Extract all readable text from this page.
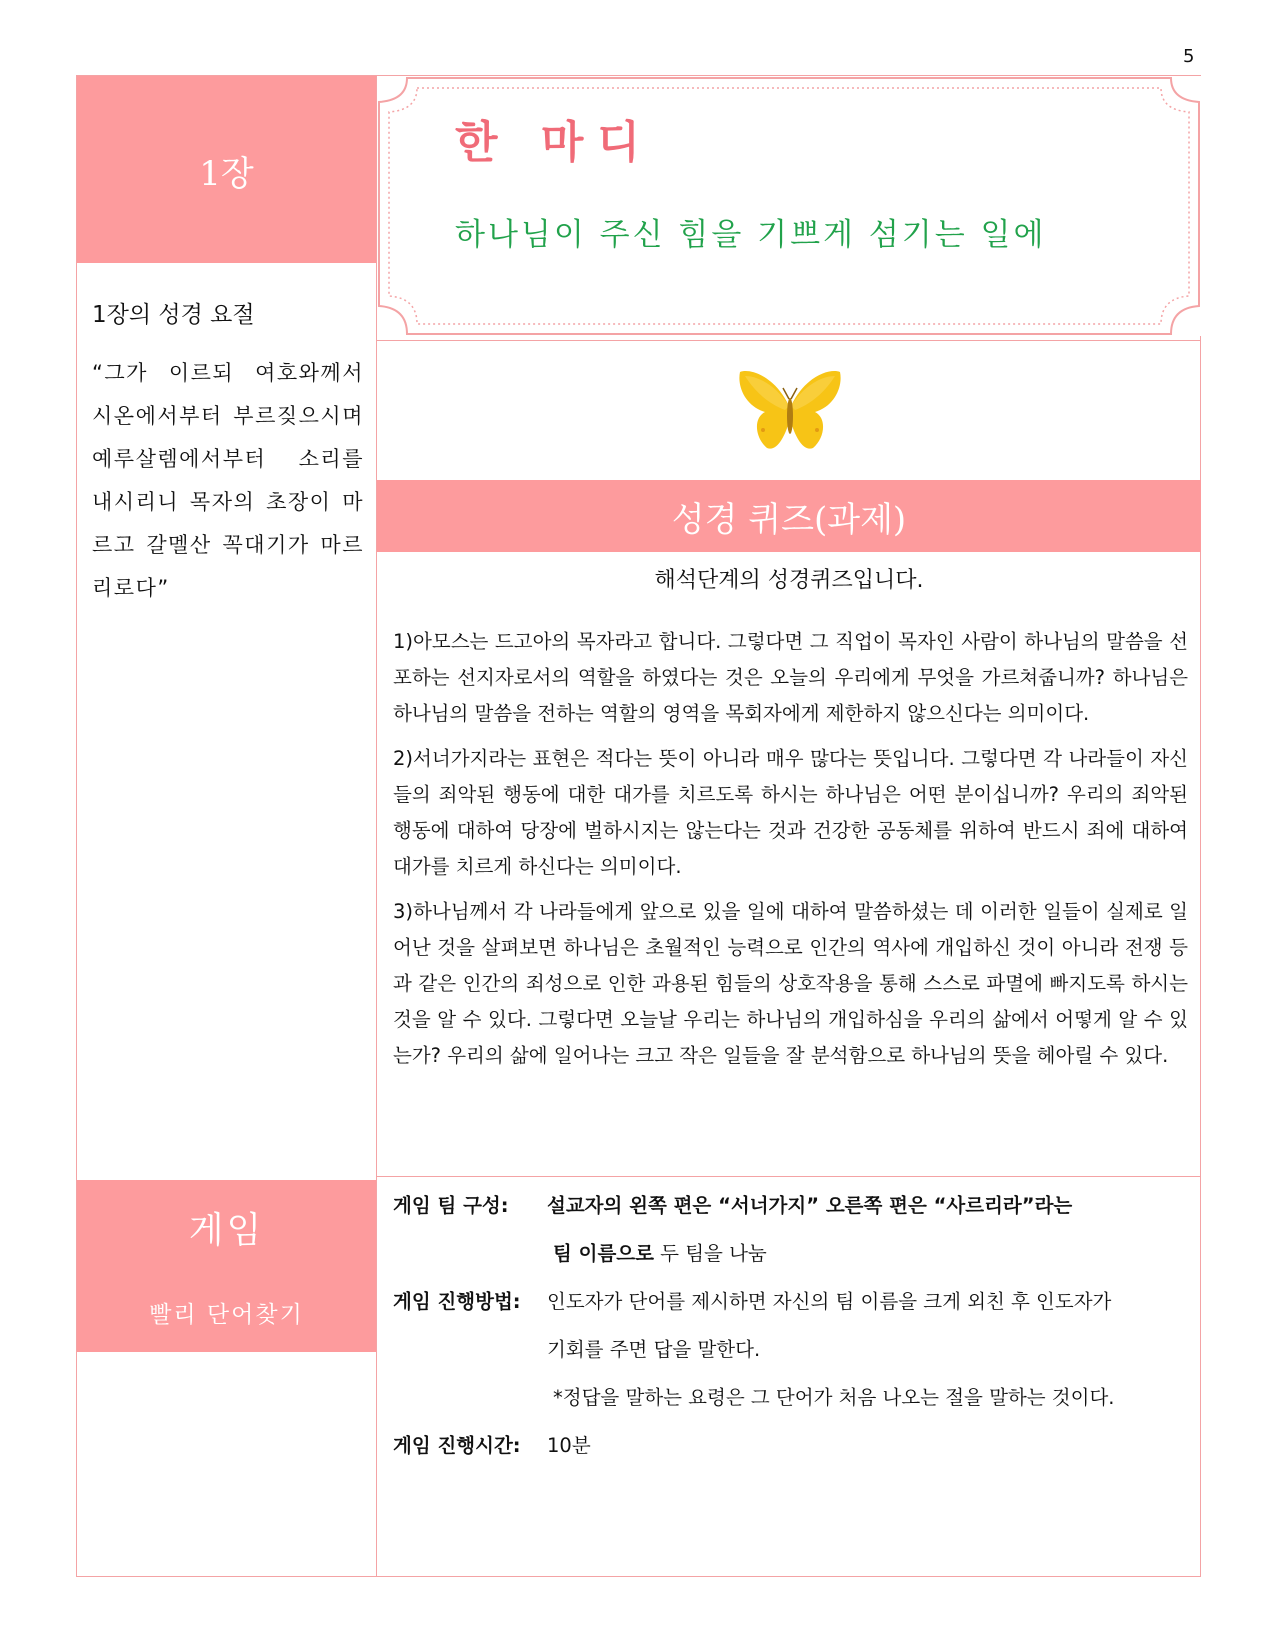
5
1장
1장의 성경 요절
“그가 이르되 여호와께서 시온에서부터 부르짖으시며 예루살렘에서부터 소리를 내시리니 목자의 초장이 마르고 갈멜산 꼭대기가 마르리로다”
게임
빨리 단어찾기
한 마디
하나님이 주신 힘을 기쁘게 섬기는 일에
성경 퀴즈(과제)
해석단계의 성경퀴즈입니다.

1)아모스는 드고아의 목자라고 합니다. 그렇다면 그 직업이 목자인 사람이 하나님의 말씀을 선포하는 선지자로서의 역할을 하였다는 것은 오늘의 우리에게 무엇을 가르쳐줍니까? 하나님은 하나님의 말씀을 전하는 역할의 영역을 목회자에게 제한하지 않으신다는 의미이다.

2)서너가지라는 표현은 적다는 뜻이 아니라 매우 많다는 뜻입니다. 그렇다면 각 나라들이 자신들의 죄악된 행동에 대한 대가를 치르도록 하시는 하나님은 어떤 분이십니까? 우리의 죄악된 행동에 대하여 당장에 벌하시지는 않는다는 것과 건강한 공동체를 위하여 반드시 죄에 대하여 대가를 치르게 하신다는 의미이다.

3)하나님께서 각 나라들에게 앞으로 있을 일에 대하여 말씀하셨는 데 이러한 일들이 실제로 일어난 것을 살펴보면 하나님은 초월적인 능력으로 인간의 역사에 개입하신 것이 아니라 전쟁 등과 같은 인간의 죄성으로 인한 과용된 힘들의 상호작용을 통해 스스로 파멸에 빠지도록 하시는 것을 알 수 있다. 그렇다면 오늘날 우리는 하나님의 개입하심을 우리의 삶에서 어떻게 알 수 있는가? 우리의 삶에 일어나는 크고 작은 일들을 잘 분석함으로 하나님의 뜻을 헤아릴 수 있다.

게임 팀 구성: 설교자의 왼쪽 편은 “서너가지” 오른쪽 편은 “사르리라”라는
팀 이름으로 두 팀을 나눔
게임 진행방법: 인도자가 단어를 제시하면 자신의 팀 이름을 크게 외친 후 인도자가
기회를 주면 답을 말한다.
*정답을 말하는 요령은 그 단어가 처음 나오는 절을 말하는 것이다.
게임 진행시간: 10분
